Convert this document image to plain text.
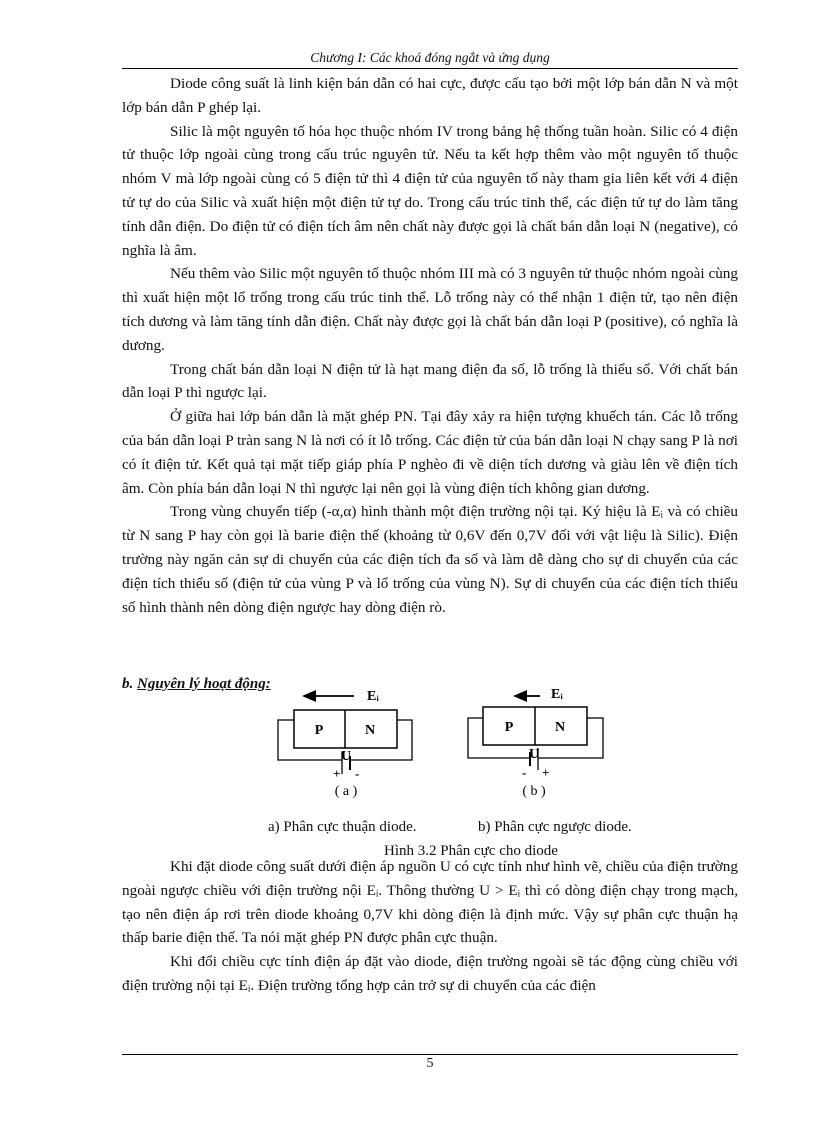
Chương I: Các khoá đóng ngắt và ứng dụng

Diode công suất là linh kiện bán dẫn có hai cực, được cấu tạo bởi một lớp bán dẫn N và một lớp bán dẫn P ghép lại.

Silic là một nguyên tố hóa học thuộc nhóm IV trong bảng hệ thống tuần hoàn. Silic có 4 điện tử thuộc lớp ngoài cùng trong cấu trúc nguyên tử. Nếu ta kết hợp thêm vào một nguyên tố thuộc nhóm V mà lớp ngoài cùng có 5 điện tử thì 4 điện tử của nguyên tố này tham gia liên kết với 4 điện tử tự do của Silic và xuất hiện một điện tử tự do. Trong cấu trúc tinh thể, các điện tử tự do làm tăng tính dẫn điện. Do điện tử có điện tích âm nên chất này được gọi là chất bán dẫn loại N (negative), có nghĩa là âm.

Nếu thêm vào Silic một nguyên tố thuộc nhóm III mà có 3 nguyên tử thuộc nhóm ngoài cùng thì xuất hiện một lổ trống trong cấu trúc tinh thể. Lỗ trống này có thể nhận 1 điện tử, tạo nên điện tích dương và làm tăng tính dẫn điện. Chất này được gọi là chất bán dẫn loại P (positive), có nghĩa là dương.

Trong chất bán dẫn loại N điện tử là hạt mang điện đa số, lỗ trống là thiểu số. Với chất bán dẫn loại P thì ngược lại.

Ở giữa hai lớp bán dẫn là mặt ghép PN. Tại đây xảy ra hiện tượng khuếch tán. Các lỗ trống của bán dẫn loại P tràn sang N là nơi có ít lỗ trống. Các điện tử của bán dẫn loại N chạy sang P là nơi có ít điện tử. Kết quả tại mặt tiếp giáp phía P nghèo đi về diện tích dương và giàu lên về điện tích âm. Còn phía bán dẫn loại N thì ngược lại nên gọi là vùng điện tích không gian dương.

Trong vùng chuyển tiếp (-α,α) hình thành một điện trường nội tại. Ký hiệu là Eᵢ và có chiều từ N sang P hay còn gọi là barie điện thế (khoảng từ 0,6V đến 0,7V đối với vật liệu là Silic). Điện trường này ngăn cản sự di chuyển của các điện tích đa số và làm dễ dàng cho sự di chuyển của các điện tích thiểu số (điện tử của vùng P và lổ trống của vùng N). Sự di chuyển của các điện tích thiểu số hình thành nên dòng điện ngược hay dòng điện rò.

b. Nguyên lý hoạt động:
Eᵢ
P	N
U
+ -
( a )
Eᵢ
P	N
U
- +
( b )
a) Phân cực thuận diode.	b) Phân cực ngược diode.
Hình 3.2 Phân cực cho diode

Khi đặt diode công suất dưới điện áp nguồn U có cực tính như hình vẽ, chiều của điện trường ngoài ngược chiều với điện trường nội Eᵢ. Thông thường U > Eᵢ thì có dòng điện chạy trong mạch, tạo nên điện áp rơi trên diode khoảng 0,7V khi dòng điện là định mức. Vậy sự phân cực thuận hạ thấp barie điện thế. Ta nói mặt ghép PN được phân cực thuận.

Khi đổi chiều cực tính điện áp đặt vào diode, điện trường ngoài sẽ tác động cùng chiều với điện trường nội tại Eᵢ. Điện trường tổng hợp cản trở sự di chuyển của các điện

5
